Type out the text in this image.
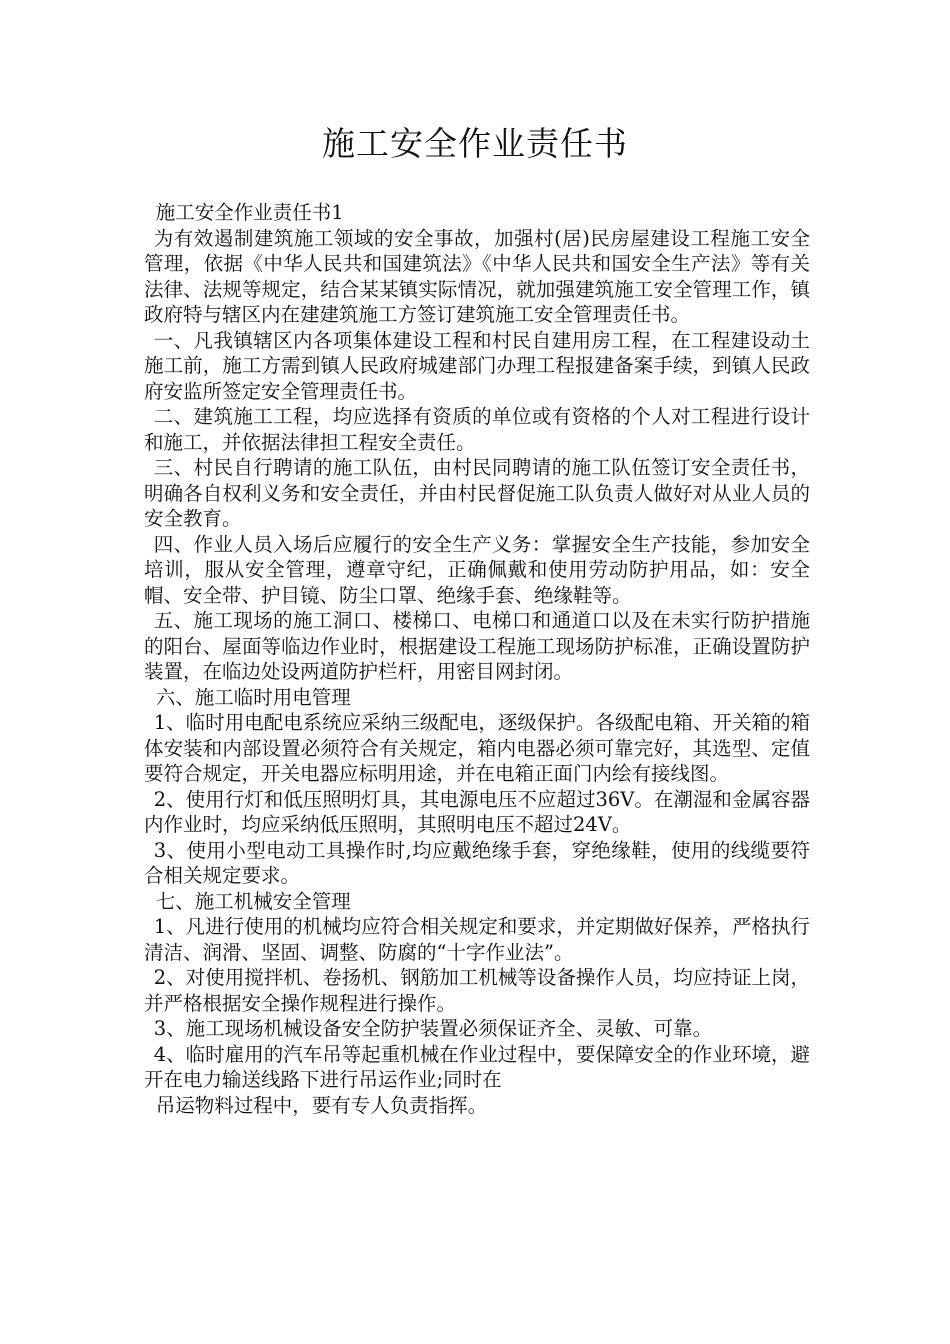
施工安全作业责任书

施工安全作业责任书1

为有效遏制建筑施工领域的安全事故，加强村(居)民房屋建设工程施工安全管理，依据《中华人民共和国建筑法》《中华人民共和国安全生产法》等有关法律、法规等规定，结合某某镇实际情况，就加强建筑施工安全管理工作，镇政府特与辖区内在建建筑施工方签订建筑施工安全管理责任书。

一、凡我镇辖区内各项集体建设工程和村民自建用房工程，在工程建设动土施工前，施工方需到镇人民政府城建部门办理工程报建备案手续，到镇人民政府安监所签定安全管理责任书。

二、建筑施工工程，均应选择有资质的单位或有资格的个人对工程进行设计和施工，并依据法律担工程安全责任。

三、村民自行聘请的施工队伍，由村民同聘请的施工队伍签订安全责任书，明确各自权利义务和安全责任，并由村民督促施工队负责人做好对从业人员的安全教育。

四、作业人员入场后应履行的安全生产义务：掌握安全生产技能，参加安全培训，服从安全管理，遵章守纪，正确佩戴和使用劳动防护用品，如：安全帽、安全带、护目镜、防尘口罩、绝缘手套、绝缘鞋等。

五、施工现场的施工洞口、楼梯口、电梯口和通道口以及在未实行防护措施的阳台、屋面等临边作业时，根据建设工程施工现场防护标准，正确设置防护装置，在临边处设两道防护栏杆，用密目网封闭。

六、施工临时用电管理

1、临时用电配电系统应采纳三级配电，逐级保护。各级配电箱、开关箱的箱体安装和内部设置必须符合有关规定，箱内电器必须可靠完好，其选型、定值要符合规定，开关电器应标明用途，并在电箱正面门内绘有接线图。

2、使用行灯和低压照明灯具，其电源电压不应超过36V。在潮湿和金属容器内作业时，均应采纳低压照明，其照明电压不超过24V。

3、使用小型电动工具操作时,均应戴绝缘手套，穿绝缘鞋，使用的线缆要符合相关规定要求。

七、施工机械安全管理

1、凡进行使用的机械均应符合相关规定和要求，并定期做好保养，严格执行清洁、润滑、坚固、调整、防腐的“十字作业法”。

2、对使用搅拌机、卷扬机、钢筋加工机械等设备操作人员，均应持证上岗，并严格根据安全操作规程进行操作。

3、施工现场机械设备安全防护装置必须保证齐全、灵敏、可靠。

4、临时雇用的汽车吊等起重机械在作业过程中，要保障安全的作业环境，避开在电力输送线路下进行吊运作业;同时在

吊运物料过程中，要有专人负责指挥。
